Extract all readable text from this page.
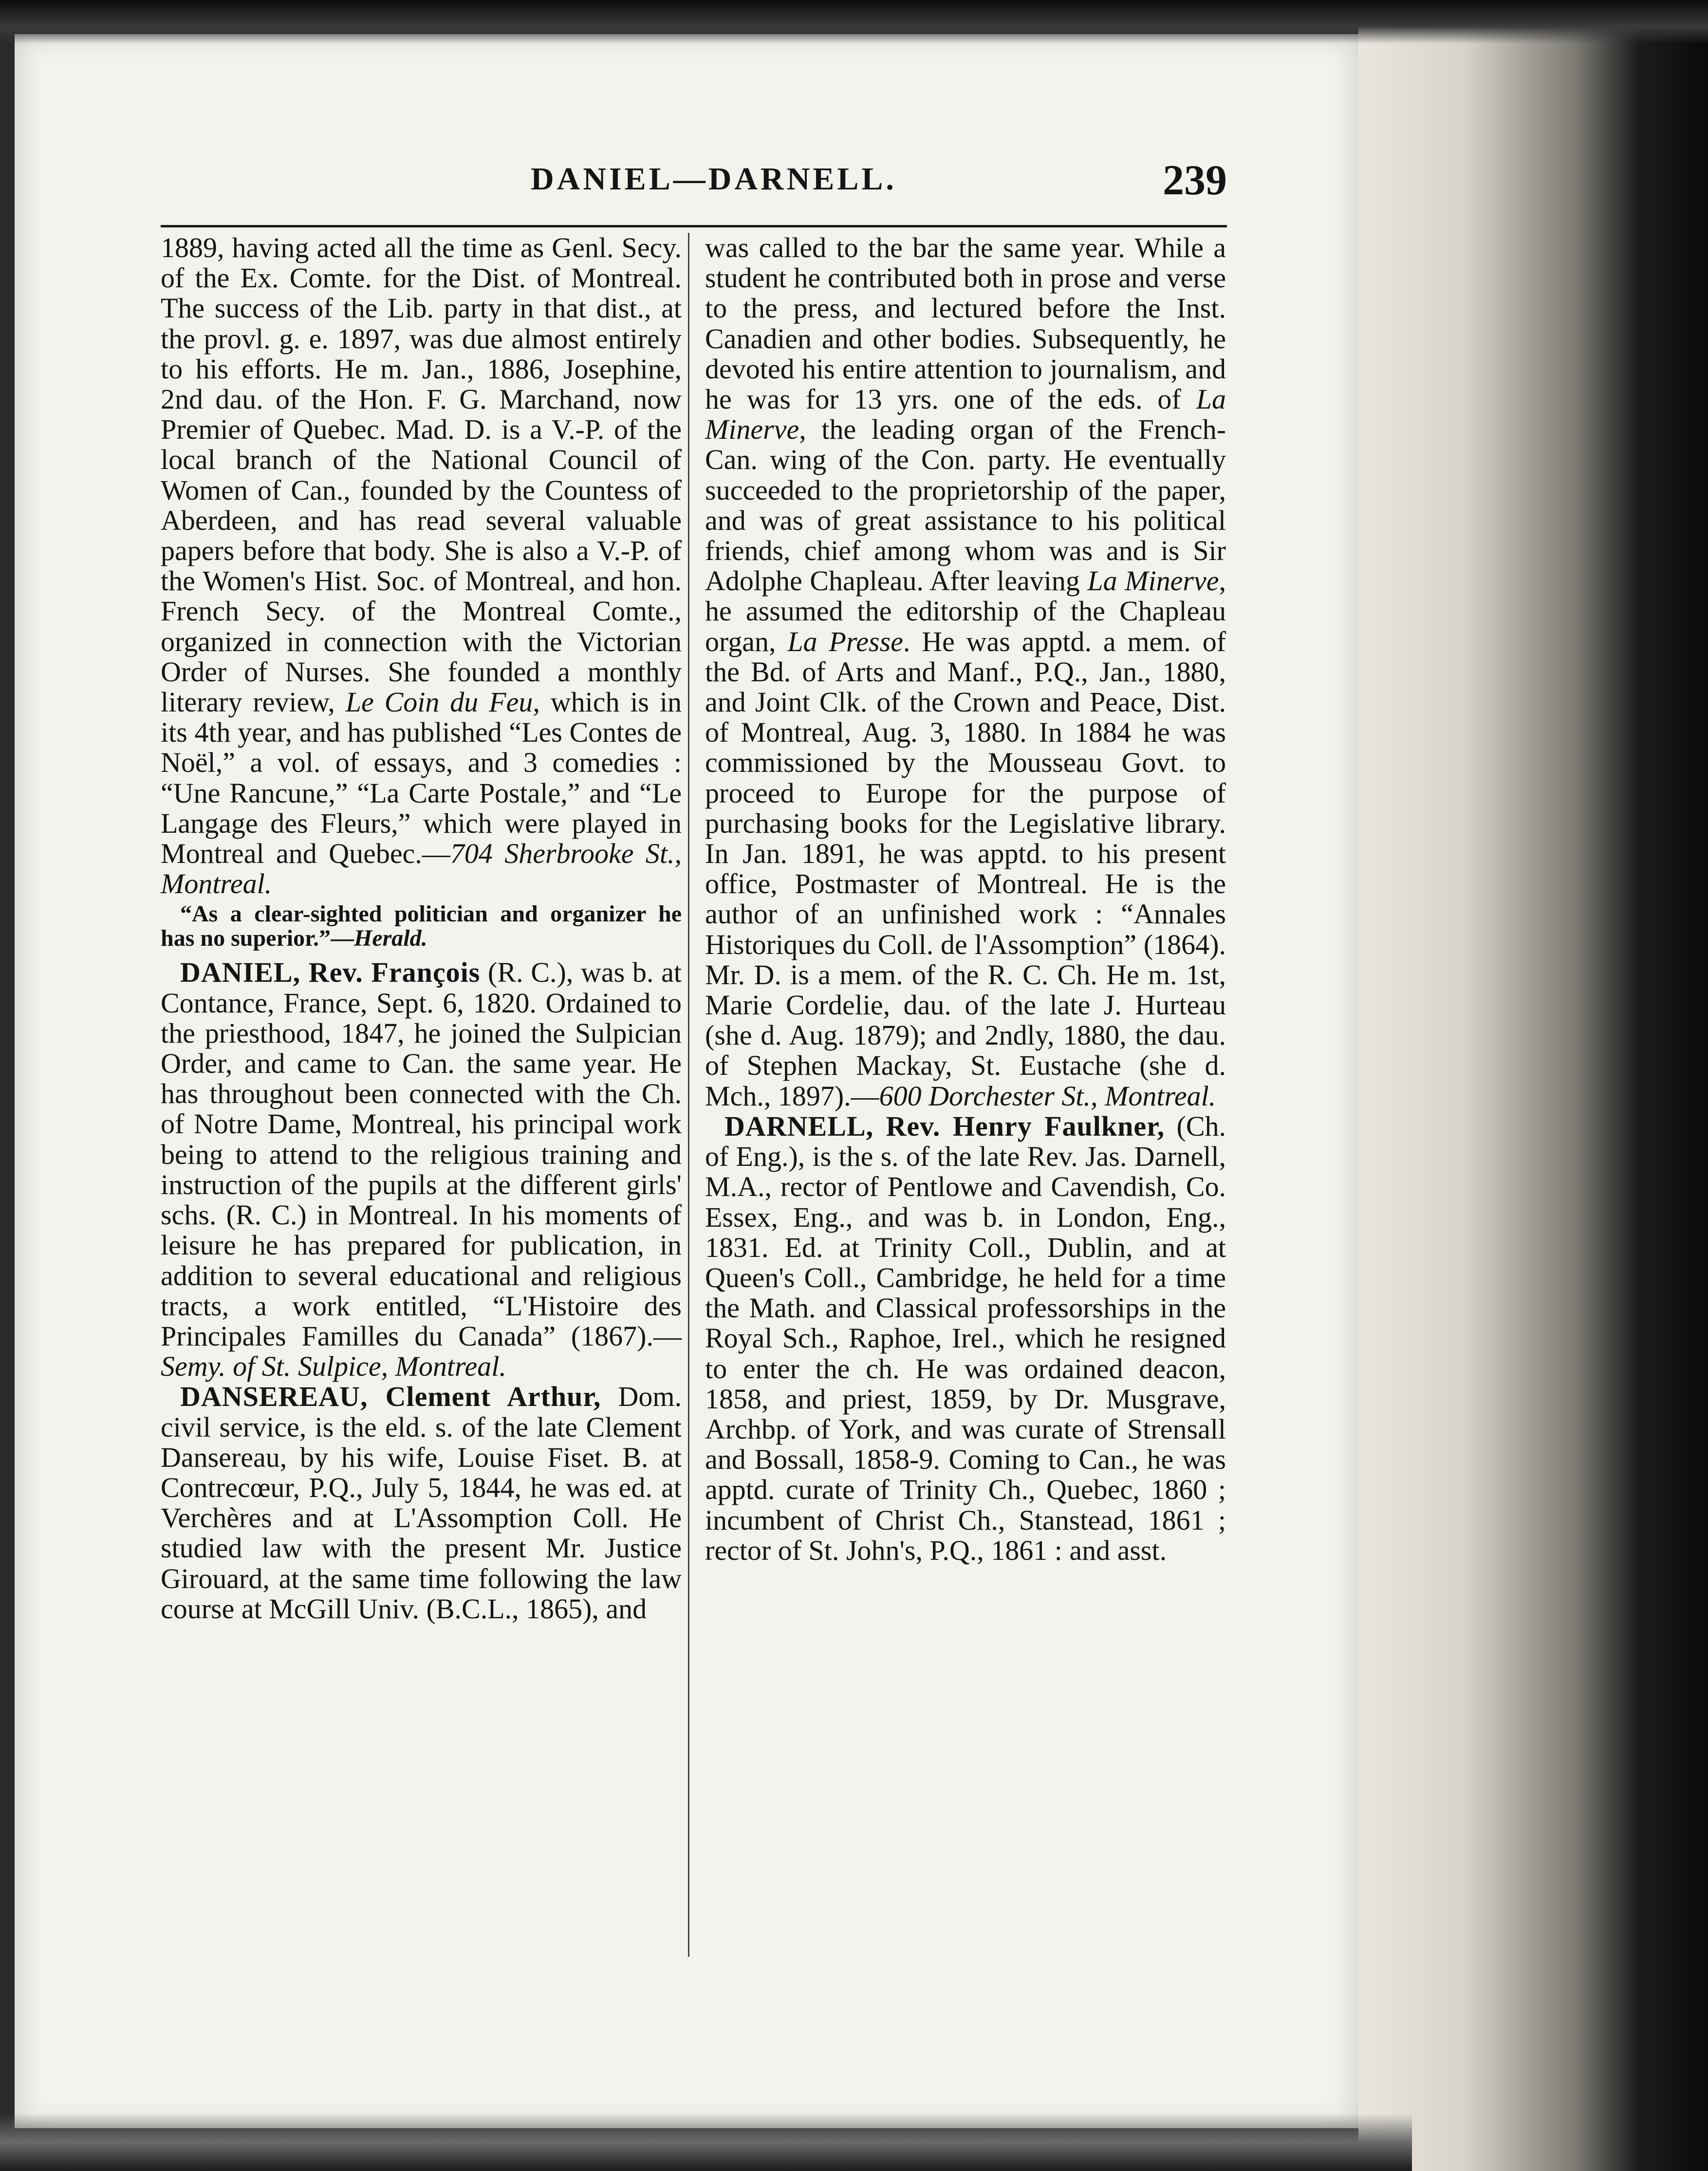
DANIEL—DARNELL.	239

1889, having acted all the time as Genl. Secy. of the Ex. Comte. for the Dist. of Montreal. The success of the Lib. party in that dist., at the provl. g. e. 1897, was due almost entirely to his efforts. He m. Jan., 1886, Josephine, 2nd dau. of the Hon. F. G. Marchand, now Premier of Quebec. Mad. D. is a V.-P. of the local branch of the National Council of Women of Can., founded by the Countess of Aberdeen, and has read several valuable papers before that body. She is also a V.-P. of the Women's Hist. Soc. of Montreal, and hon. French Secy. of the Montreal Comte., organized in connection with the Victorian Order of Nurses. She founded a monthly literary review, Le Coin du Feu, which is in its 4th year, and has published “Les Contes de Noël,” a vol. of essays, and 3 comedies : “Une Rancune,” “La Carte Postale,” and “Le Langage des Fleurs,” which were played in Montreal and Quebec.—704 Sherbrooke St., Montreal.

“As a clear-sighted politician and organizer he has no superior.”—Herald.

DANIEL, Rev. François (R. C.), was b. at Contance, France, Sept. 6, 1820. Ordained to the priesthood, 1847, he joined the Sulpician Order, and came to Can. the same year. He has throughout been connected with the Ch. of Notre Dame, Montreal, his principal work being to attend to the religious training and instruction of the pupils at the different girls' schs. (R. C.) in Montreal. In his moments of leisure he has prepared for publication, in addition to several educational and religious tracts, a work entitled, “L'Histoire des Principales Familles du Canada” (1867).—Semy. of St. Sulpice, Montreal.

DANSEREAU, Clement Arthur, Dom. civil service, is the eld. s. of the late Clement Dansereau, by his wife, Louise Fiset. B. at Contrecœur, P.Q., July 5, 1844, he was ed. at Verchères and at L'Assomption Coll. He studied law with the present Mr. Justice Girouard, at the same time following the law course at McGill Univ. (B.C.L., 1865), and

was called to the bar the same year. While a student he contributed both in prose and verse to the press, and lectured before the Inst. Canadien and other bodies. Subsequently, he devoted his entire attention to journalism, and he was for 13 yrs. one of the eds. of La Minerve, the leading organ of the French-Can. wing of the Con. party. He eventually succeeded to the proprietorship of the paper, and was of great assistance to his political friends, chief among whom was and is Sir Adolphe Chapleau. After leaving La Minerve, he assumed the editorship of the Chapleau organ, La Presse. He was apptd. a mem. of the Bd. of Arts and Manf., P.Q., Jan., 1880, and Joint Clk. of the Crown and Peace, Dist. of Montreal, Aug. 3, 1880. In 1884 he was commissioned by the Mousseau Govt. to proceed to Europe for the purpose of purchasing books for the Legislative library. In Jan. 1891, he was apptd. to his present office, Postmaster of Montreal. He is the author of an unfinished work : “Annales Historiques du Coll. de l'Assomption” (1864). Mr. D. is a mem. of the R. C. Ch. He m. 1st, Marie Cordelie, dau. of the late J. Hurteau (she d. Aug. 1879); and 2ndly, 1880, the dau. of Stephen Mackay, St. Eustache (she d. Mch., 1897).—600 Dorchester St., Montreal.

DARNELL, Rev. Henry Faulkner, (Ch. of Eng.), is the s. of the late Rev. Jas. Darnell, M.A., rector of Pentlowe and Cavendish, Co. Essex, Eng., and was b. in London, Eng., 1831. Ed. at Trinity Coll., Dublin, and at Queen's Coll., Cambridge, he held for a time the Math. and Classical professorships in the Royal Sch., Raphoe, Irel., which he resigned to enter the ch. He was ordained deacon, 1858, and priest, 1859, by Dr. Musgrave, Archbp. of York, and was curate of Strensall and Bossall, 1858-9. Coming to Can., he was apptd. curate of Trinity Ch., Quebec, 1860 ; incumbent of Christ Ch., Stanstead, 1861 ; rector of St. John's, P.Q., 1861 : and asst.
